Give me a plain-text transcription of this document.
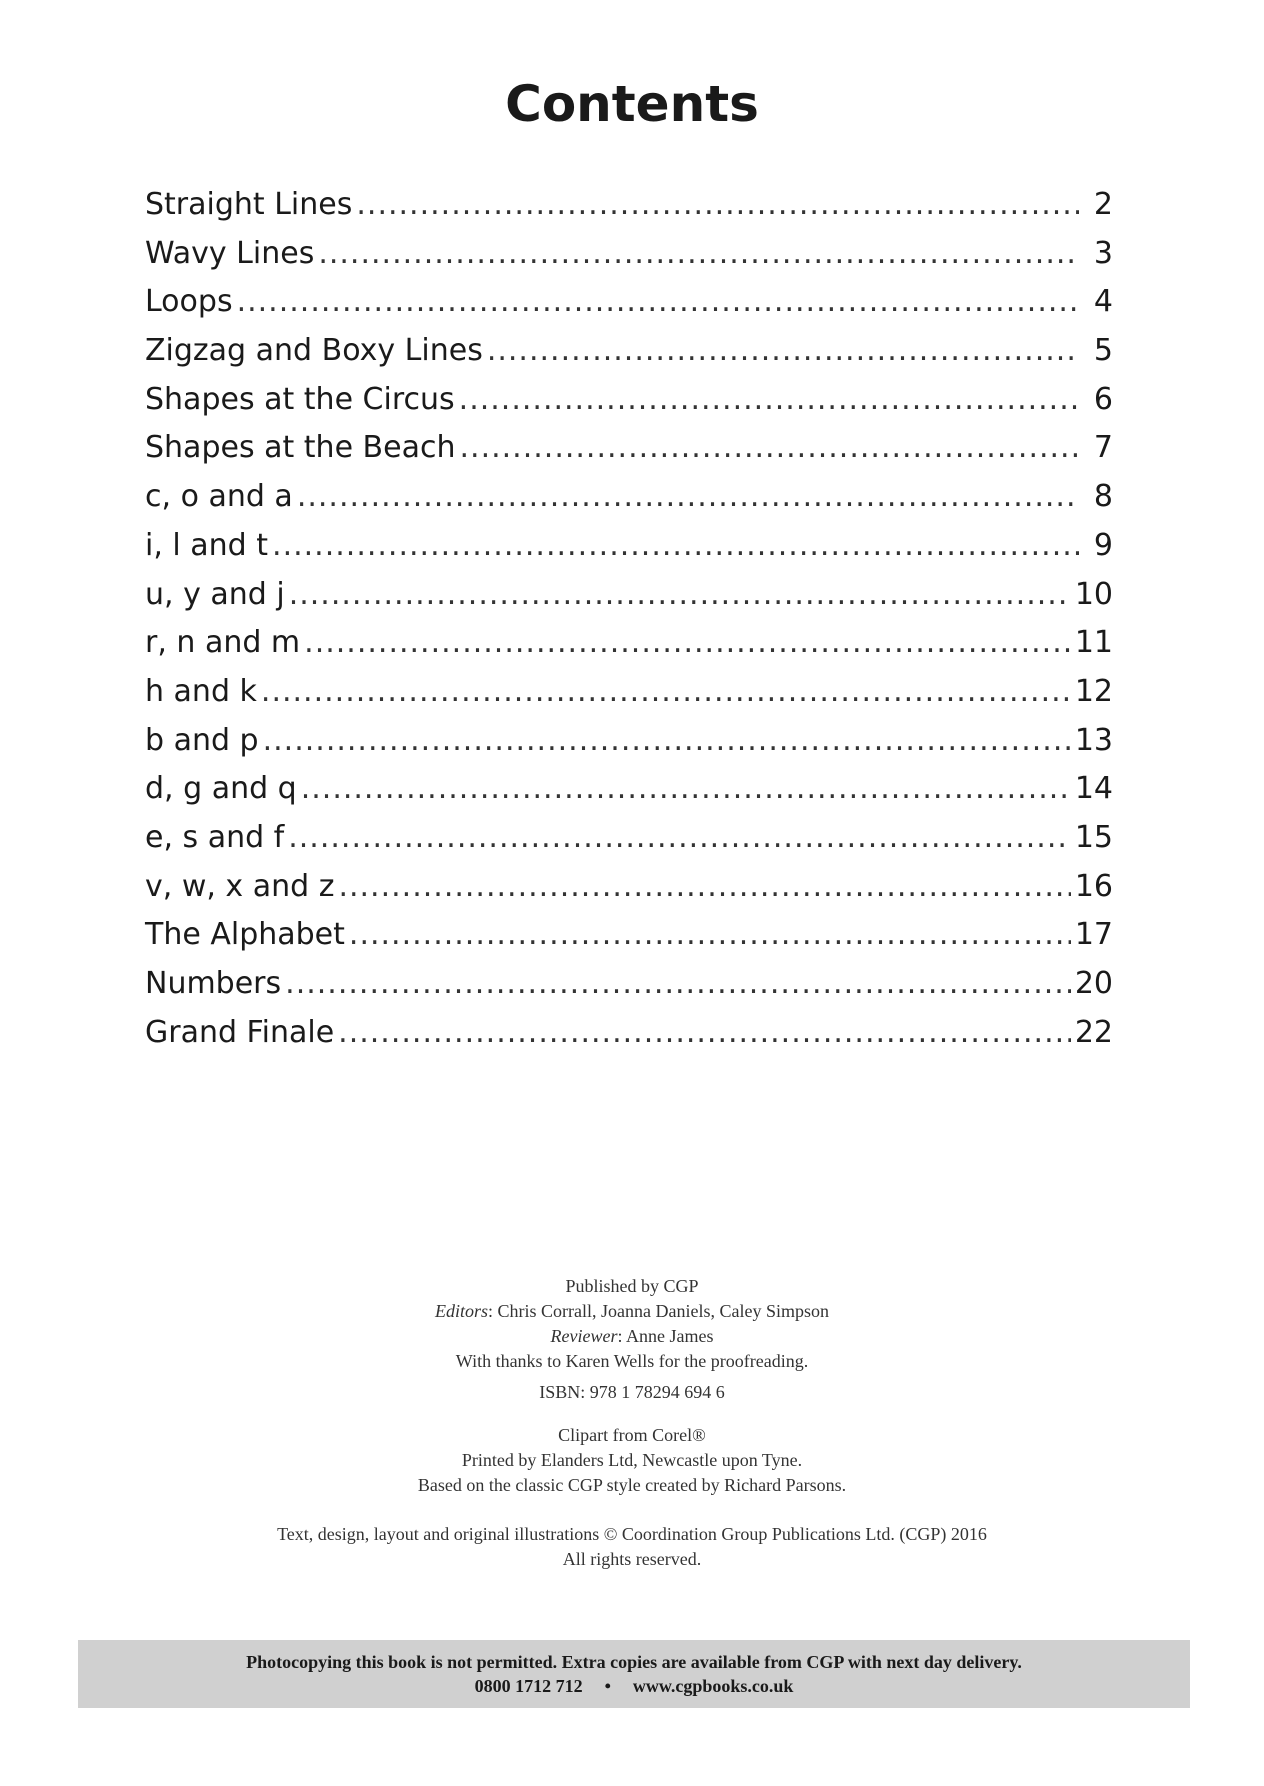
Contents
Straight Lines .....	2
Wavy Lines .....	3
Loops .....	4
Zigzag and Boxy Lines .....	5
Shapes at the Circus .....	6
Shapes at the Beach .....	7
c, o and a .....	8
i, l and t .....	9
u, y and j .....	10
r, n and m .....	11
h and k .....	12
b and p .....	13
d, g and q .....	14
e, s and f .....	15
v, w, x and z .....	16
The Alphabet .....	17
Numbers .....	20
Grand Finale .....	22
Published by CGP
Editors: Chris Corrall, Joanna Daniels, Caley Simpson
Reviewer: Anne James
With thanks to Karen Wells for the proofreading.
ISBN: 978 1 78294 694 6
Clipart from Corel®
Printed by Elanders Ltd, Newcastle upon Tyne.
Based on the classic CGP style created by Richard Parsons.
Text, design, layout and original illustrations © Coordination Group Publications Ltd. (CGP) 2016
All rights reserved.
Photocopying this book is not permitted. Extra copies are available from CGP with next day delivery.
0800 1712 712 • www.cgpbooks.co.uk
